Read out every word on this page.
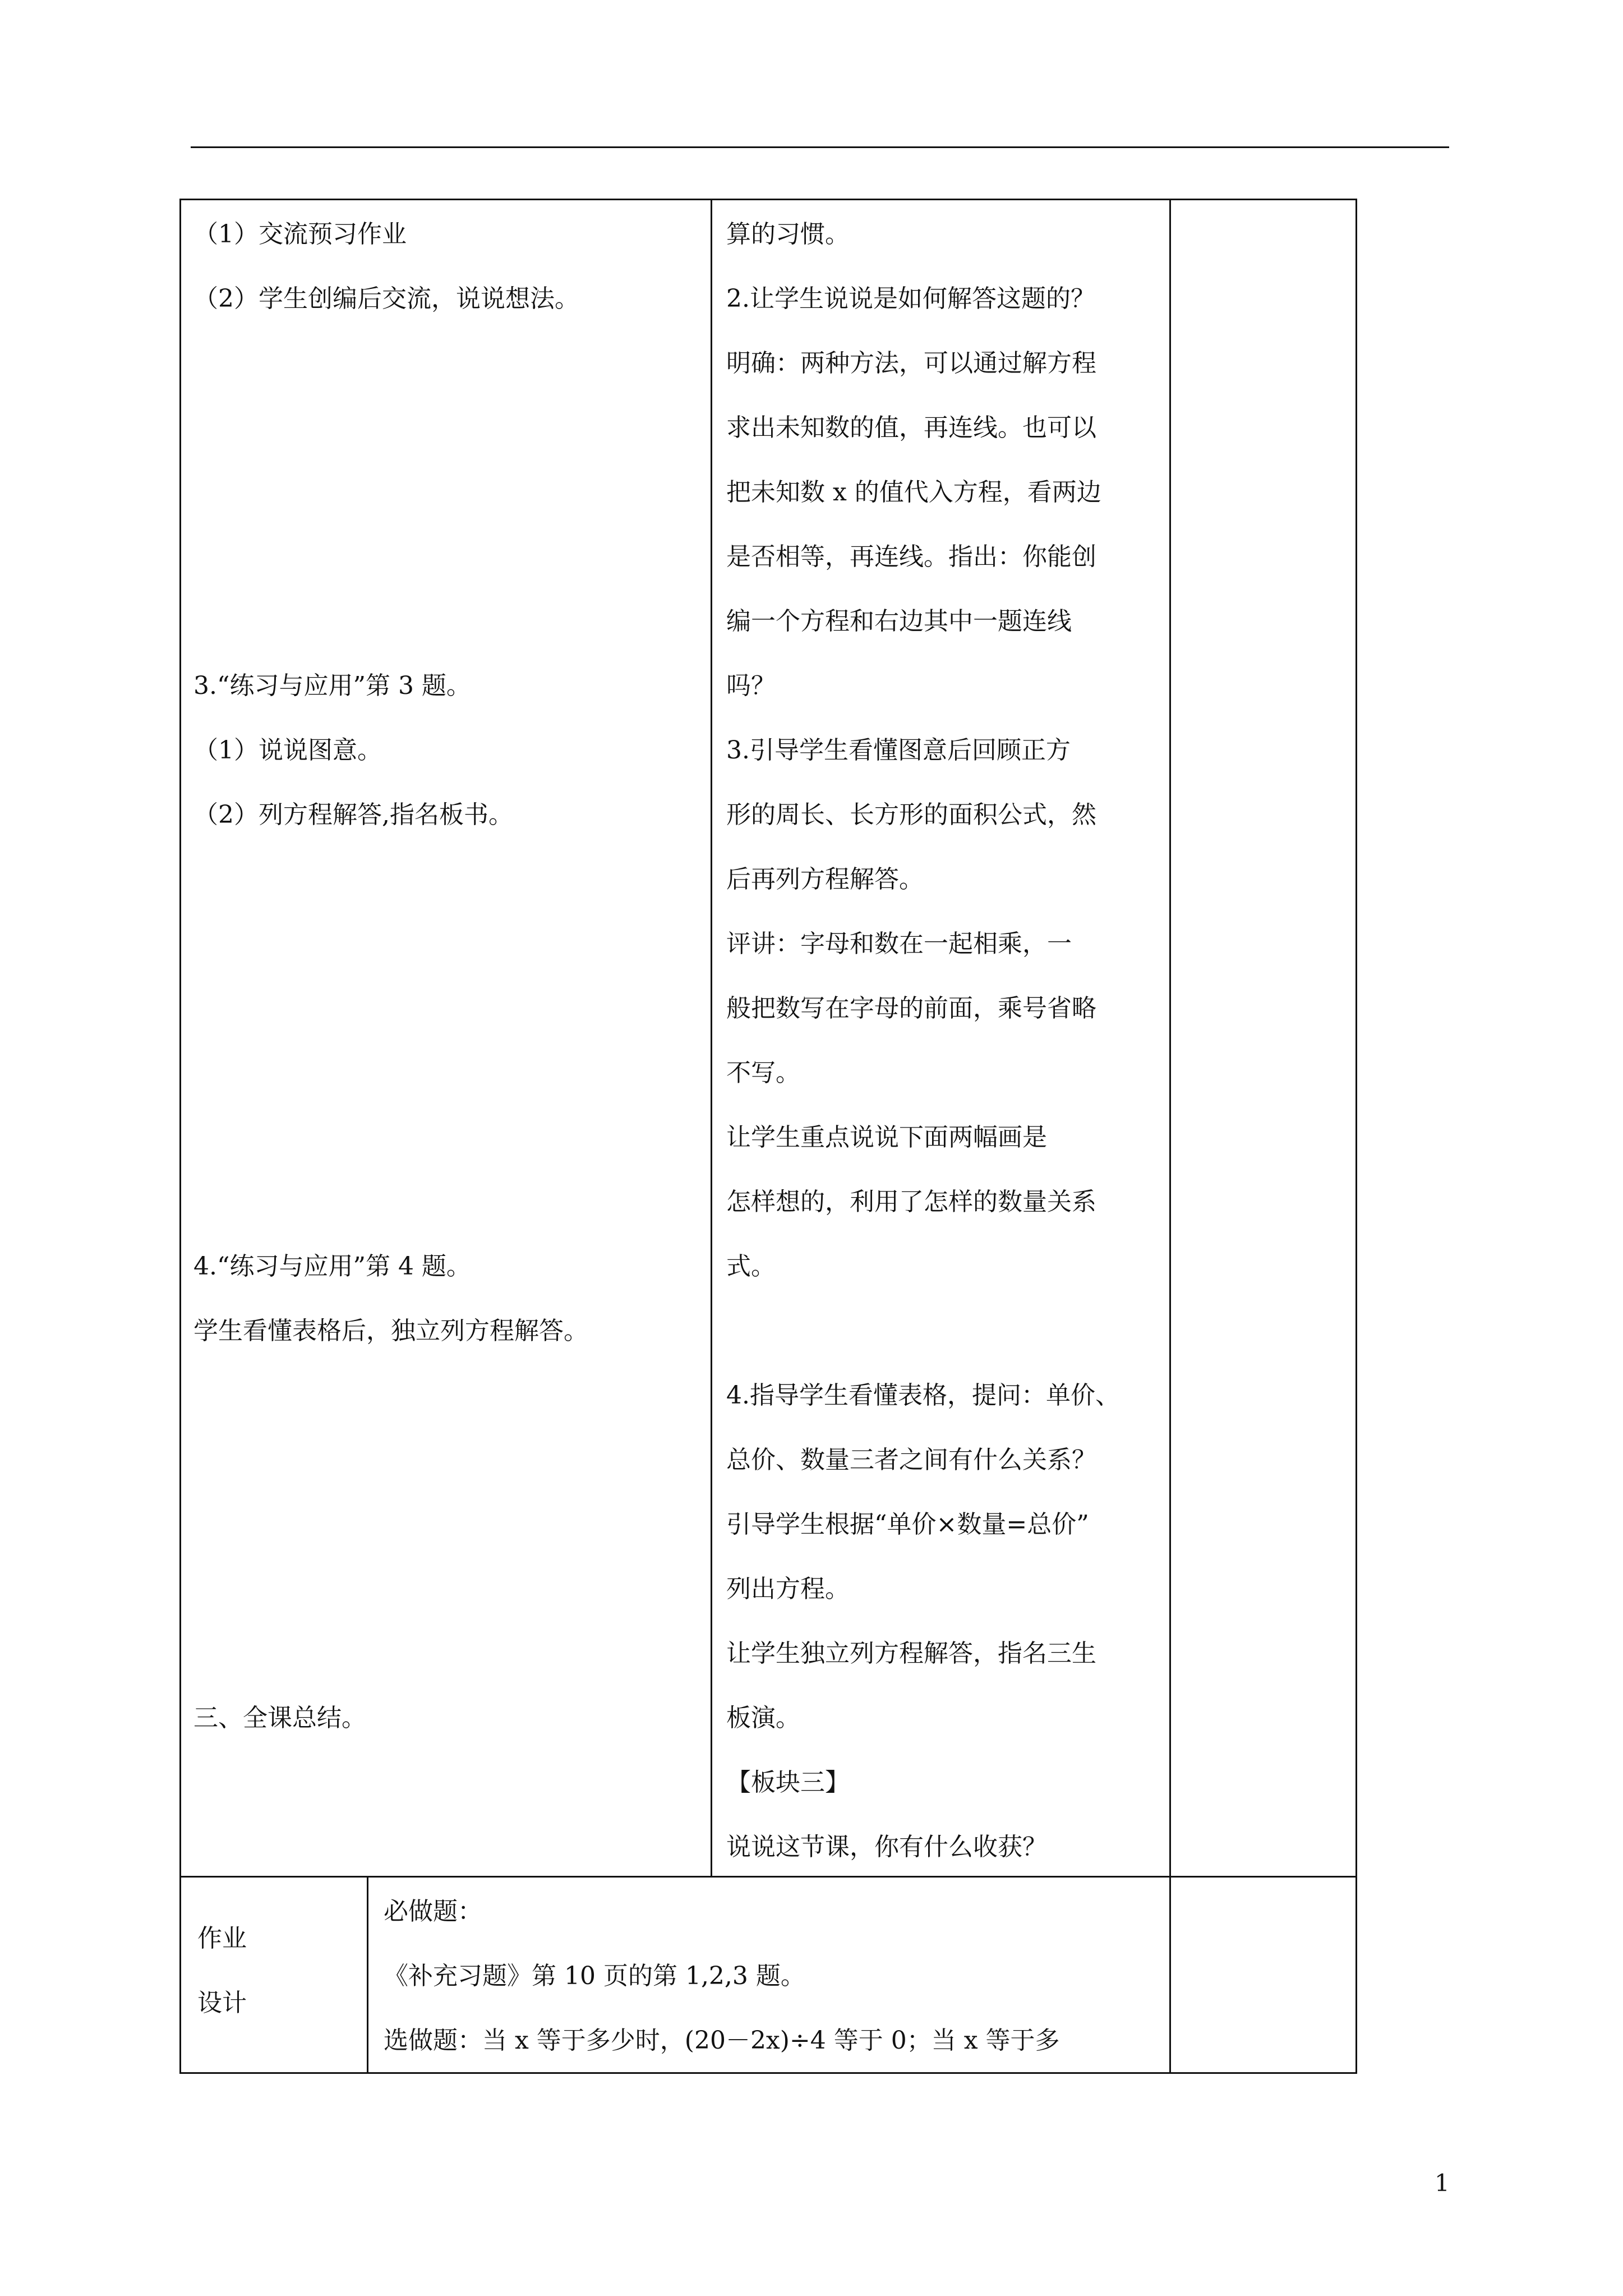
（1）交流预习作业
（2）学生创编后交流，说说想法。
3.“练习与应用”第 3 题。
（1）说说图意。
（2）列方程解答,指名板书。
4.“练习与应用”第 4 题。
学生看懂表格后，独立列方程解答。
三、全课总结。
算的习惯。
2.让学生说说是如何解答这题的？
明确：两种方法，可以通过解方程
求出未知数的值，再连线。也可以
把未知数 x 的值代入方程，看两边
是否相等，再连线。指出：你能创
编一个方程和右边其中一题连线
吗？
3.引导学生看懂图意后回顾正方
形的周长、长方形的面积公式，然
后再列方程解答。
评讲：字母和数在一起相乘，一
般把数写在字母的前面，乘号省略
不写。
让学生重点说说下面两幅画是
怎样想的，利用了怎样的数量关系
式。
4.指导学生看懂表格，提问：单价、
总价、数量三者之间有什么关系？
引导学生根据“单价×数量=总价”
列出方程。
让学生独立列方程解答，指名三生
板演。
【板块三】
说说这节课，你有什么收获？
作业
设计
必做题：
《补充习题》第 10 页的第 1,2,3 题。
选做题：当 x 等于多少时，(20－2x)÷4 等于 0；当 x 等于多
1
